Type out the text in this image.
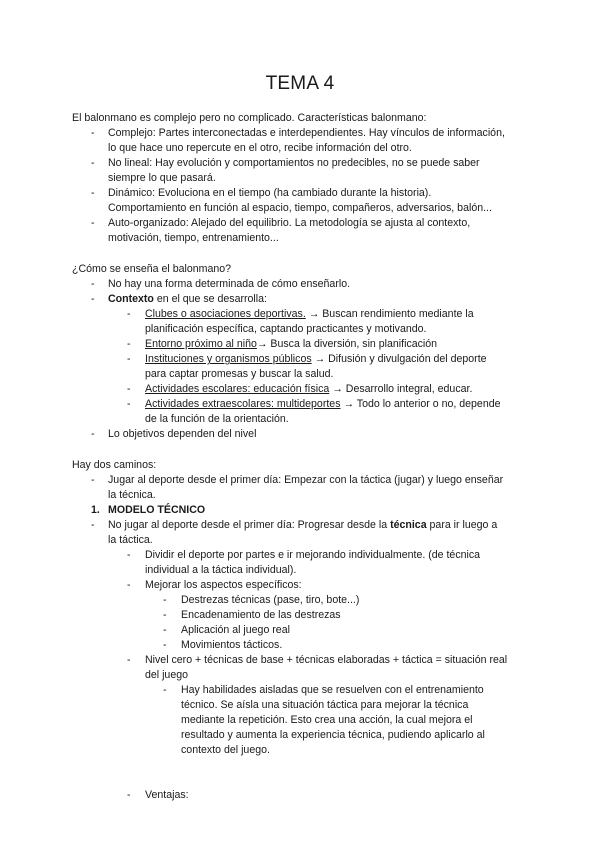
TEMA 4
El balonmano es complejo pero no complicado. Características balonmano:
- Complejo: Partes interconectadas e interdependientes. Hay vínculos de información,
lo que hace uno repercute en el otro, recibe información del otro.
- No lineal: Hay evolución y comportamientos no predecibles, no se puede saber
siempre lo que pasará.
- Dinámico: Evoluciona en el tiempo (ha cambiado durante la historia).
Comportamiento en función al espacio, tiempo, compañeros, adversarios, balón...
- Auto-organizado: Alejado del equilibrio. La metodología se ajusta al contexto,
motivación, tiempo, entrenamiento...
¿Cómo se enseña el balonmano?
- No hay una forma determinada de cómo enseñarlo.
- Contexto en el que se desarrolla:
- Clubes o asociaciones deportivas. → Buscan rendimiento mediante la
planificación específica, captando practicantes y motivando.
- Entorno próximo al niño→ Busca la diversión, sin planificación
- Instituciones y organismos públicos → Difusión y divulgación del deporte
para captar promesas y buscar la salud.
- Actividades escolares: educación física → Desarrollo integral, educar.
- Actividades extraescolares: multideportes → Todo lo anterior o no, depende
de la función de la orientación.
- Lo objetivos dependen del nivel
Hay dos caminos:
- Jugar al deporte desde el primer día: Empezar con la táctica (jugar) y luego enseñar
la técnica.
1. MODELO TÉCNICO
- No jugar al deporte desde el primer día: Progresar desde la técnica para ir luego a
la táctica.
- Dividir el deporte por partes e ir mejorando individualmente. (de técnica
individual a la táctica individual).
- Mejorar los aspectos específicos:
- Destrezas técnicas (pase, tiro, bote...)
- Encadenamiento de las destrezas
- Aplicación al juego real
- Movimientos tácticos.
- Nivel cero + técnicas de base + técnicas elaboradas + táctica = situación real
del juego
- Hay habilidades aisladas que se resuelven con el entrenamiento
técnico. Se aísla una situación táctica para mejorar la técnica
mediante la repetición. Esto crea una acción, la cual mejora el
resultado y aumenta la experiencia técnica, pudiendo aplicarlo al
contexto del juego.
- Ventajas:
